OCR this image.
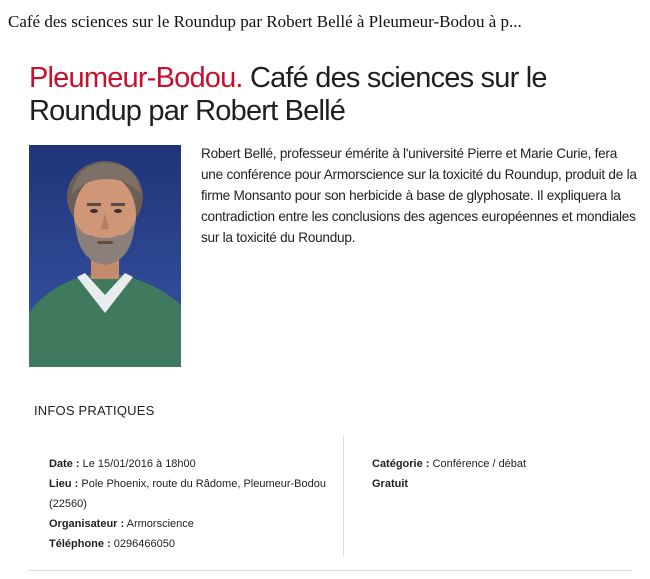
Café des sciences sur le Roundup par Robert Bellé à Pleumeur-Bodou à p...
Pleumeur-Bodou. Café des sciences sur le Roundup par Robert Bellé

Robert Bellé, professeur émérite à l'université Pierre et Marie Curie, fera une conférence pour Armorscience sur la toxicité du Roundup, produit de la firme Monsanto pour son herbicide à base de glyphosate. Il expliquera la contradiction entre les conclusions des agences européennes et mondiales sur la toxicité du Roundup.

INFOS PRATIQUES

Date : Le 15/01/2016 à 18h00

Lieu : Pole Phoenix, route du Râdome, Pleumeur-Bodou (22560)

Organisateur : Armorscience

Téléphone : 0296466050

Catégorie : Conférence / débat

Gratuit
